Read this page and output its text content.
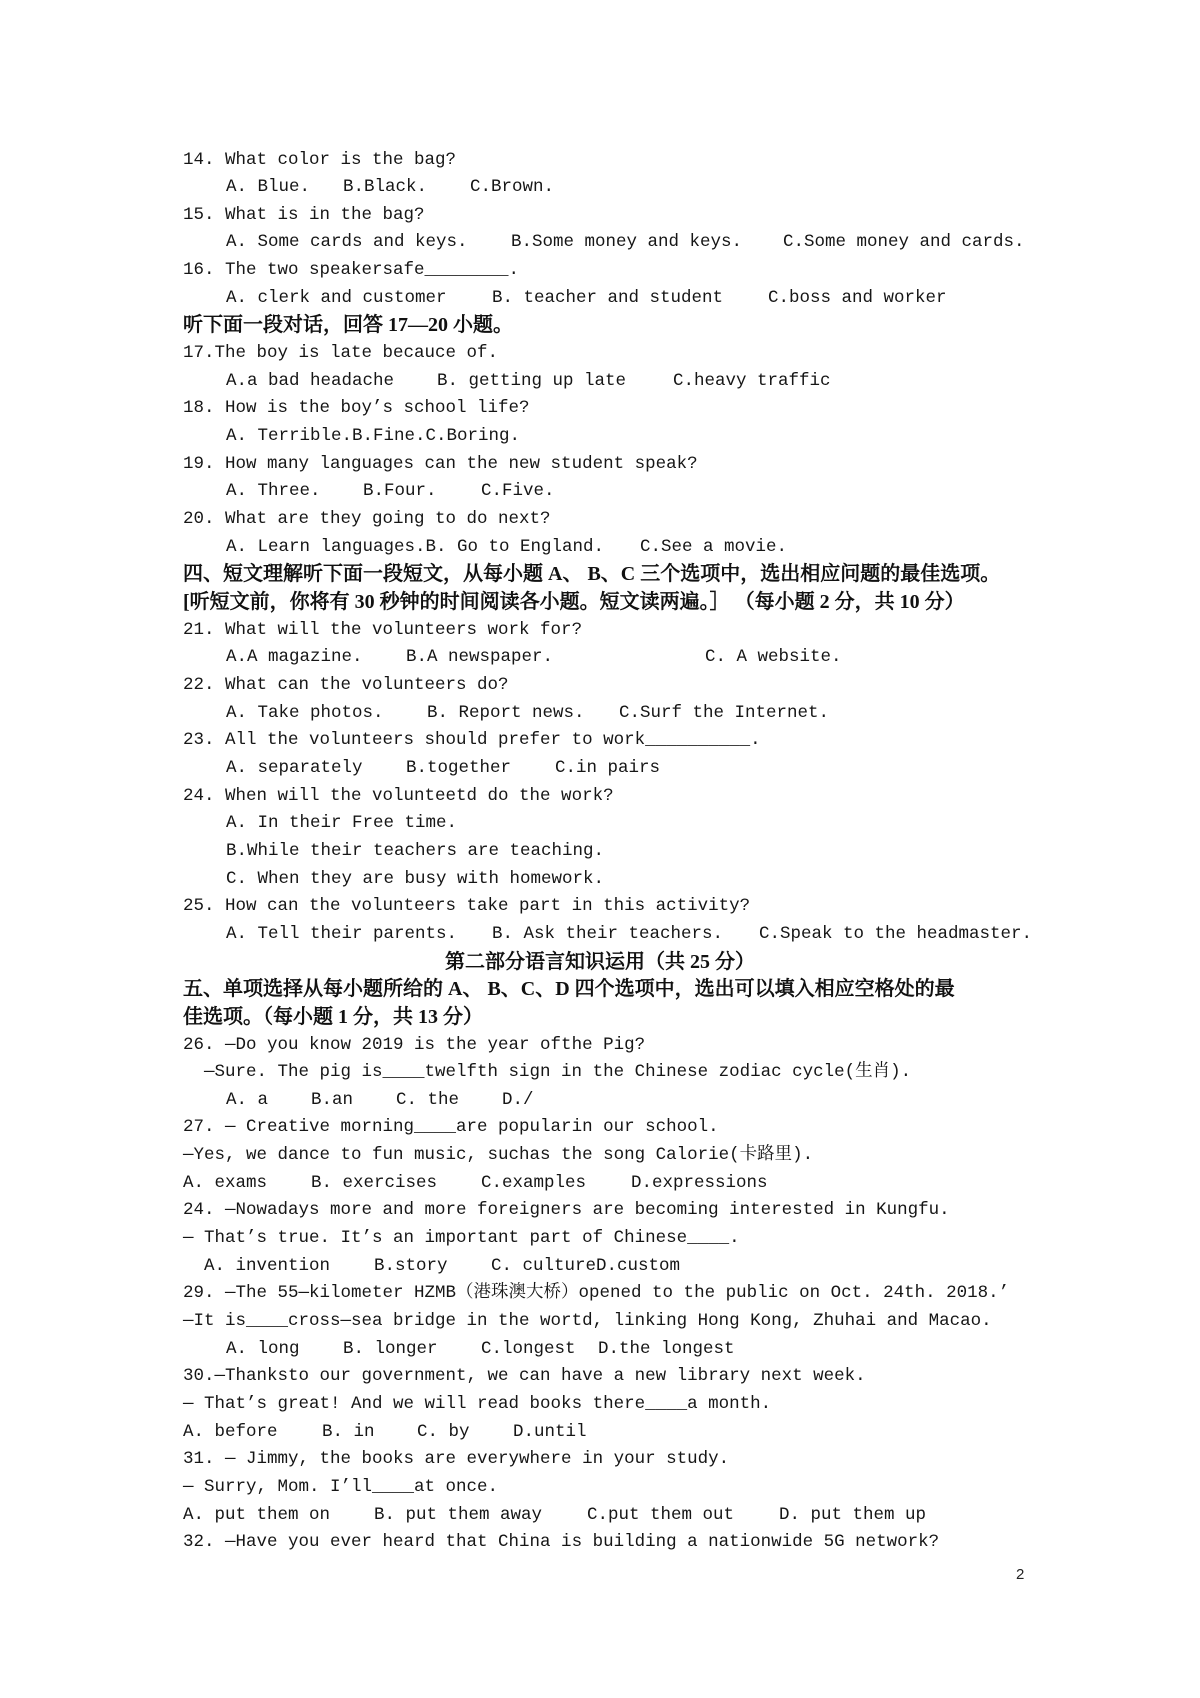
14. What color is the bag?

A. Blue.

B.Black.

C.Brown.

15. What is in the bag?

A. Some cards and keys.

B.Some money and keys.

C.Some money and cards.

16. The two speakersafe________.

A. clerk and customer

	B. teacher and student

	C.boss and worker

听下面一段对话，回答 17—20 小题。
17.The boy is late becauce of.

A.a bad headache

B. getting up late

	C.heavy traffic

18. How is the boy’s school life?

A. Terrible.B.Fine.C.Boring.

19. How many languages can the new student speak?

A. Three.

B.Four.

	C.Five.

20. What are they going to do next?

A. Learn languages.B. Go to England.

C.See a movie.

四、短文理解听下面一段短文，从每小题 A、 B、C 三个选项中，选出相应问题的最佳选项。
[听短文前，你将有 30 秒钟的时间阅读各小题。短文读两遍。］ （每小题 2 分，共 10 分）
21. What will the volunteers work for?

A.A magazine.

B.A newspaper.

	C. A website.

22. What can the volunteers do?

A. Take photos.

B. Report news.

C.Surf the Internet.

23. All the volunteers should prefer to work__________.

A. separately

B.together

	C.in pairs

24. When will the volunteetd do the work?
A. In their Free time.
B.While their teachers are teaching.
C. When they are busy with homework.
25. How can the volunteers take part in this activity?

A. Tell their parents.

B. Ask their teachers.

C.Speak to the headmaster.

第二部分语言知识运用（共 25 分）
五、单项选择从每小题所给的 A、 B、C、D 四个选项中，选出可以填入相应空格处的最
佳选项。（每小题 1 分，共 13 分）
26. —Do you know 2019 is the year ofthe Pig?
—Sure. The pig is____twelfth sign in the Chinese zodiac cycle(生肖).

A. a

B.an

C. the

D./

27. — Creative morning____are popularin our school.
—Yes, we dance to fun music, suchas the song Calorie(卡路里).

A. exams

	B. exercises

	C.examples

	D.expressions

24. —Nowadays more and more foreigners are becoming interested in Kungfu.
— That’s true. It’s an important part of Chinese____.

A. invention

	B.story

C. cultureD.custom

29. —The 55—kilometer HZMB（港珠澳大桥）opened to the public on Oct. 24th. 2018.’
—It is____cross—sea bridge in the wortd, linking Hong Kong, Zhuhai and Macao.

A. long

B. longer

C.longest

D.the longest

30.—Thanksto our government, we can have a new library next week.
— That’s great! And we will read books there____a month.

A. before

	B. in

C. by

D.until

31. — Jimmy, the books are everywhere in your study.
— Surry, Mom. I’ll____at once.

A. put them on

	B. put them away

	C.put them out

	D. put them up

32. —Have you ever heard that China is building a nationwide 5G network?
2
